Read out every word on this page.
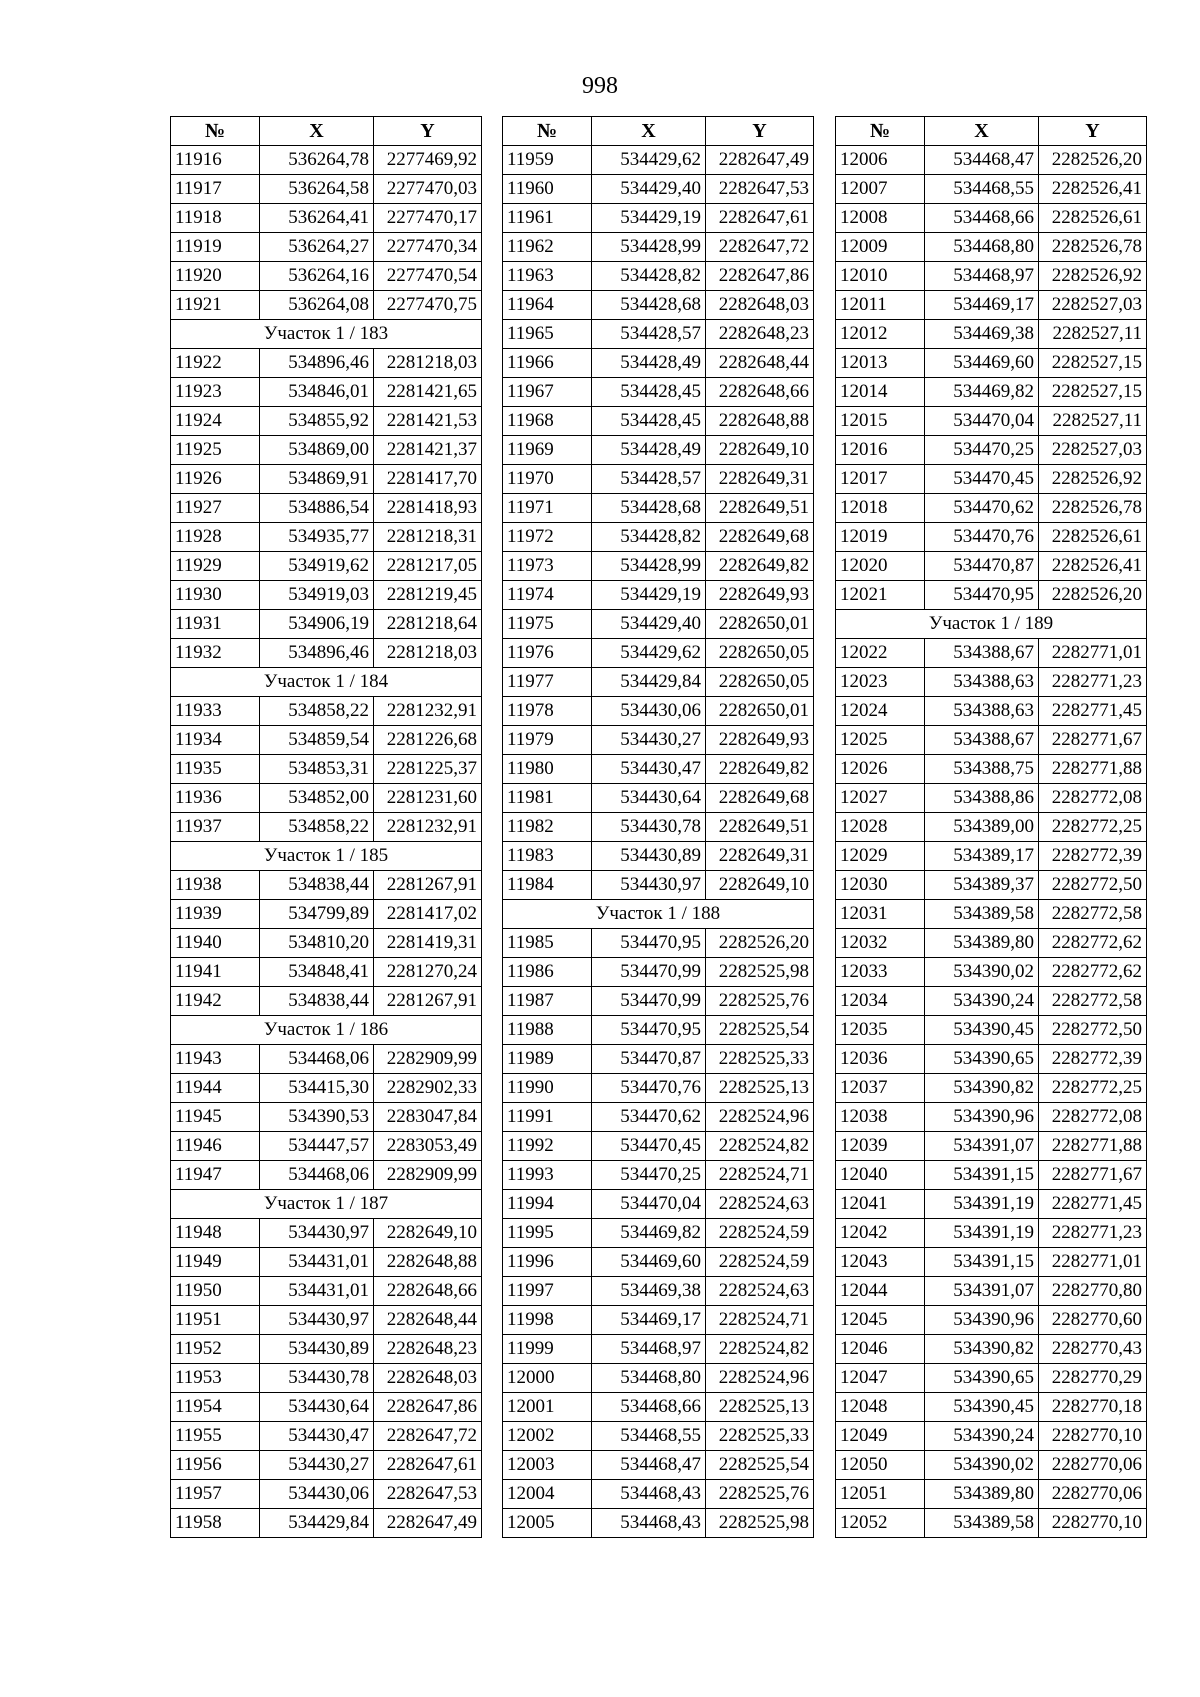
998
№	X	Y
11916	536264,78	2277469,92
11917	536264,58	2277470,03
11918	536264,41	2277470,17
11919	536264,27	2277470,34
11920	536264,16	2277470,54
11921	536264,08	2277470,75
Участок 1 / 183		
11922	534896,46	2281218,03
11923	534846,01	2281421,65
11924	534855,92	2281421,53
11925	534869,00	2281421,37
11926	534869,91	2281417,70
11927	534886,54	2281418,93
11928	534935,77	2281218,31
11929	534919,62	2281217,05
11930	534919,03	2281219,45
11931	534906,19	2281218,64
11932	534896,46	2281218,03
Участок 1 / 184		
11933	534858,22	2281232,91
11934	534859,54	2281226,68
11935	534853,31	2281225,37
11936	534852,00	2281231,60
11937	534858,22	2281232,91
Участок 1 / 185		
11938	534838,44	2281267,91
11939	534799,89	2281417,02
11940	534810,20	2281419,31
11941	534848,41	2281270,24
11942	534838,44	2281267,91
Участок 1 / 186		
11943	534468,06	2282909,99
11944	534415,30	2282902,33
11945	534390,53	2283047,84
11946	534447,57	2283053,49
11947	534468,06	2282909,99
Участок 1 / 187		
11948	534430,97	2282649,10
11949	534431,01	2282648,88
11950	534431,01	2282648,66
11951	534430,97	2282648,44
11952	534430,89	2282648,23
11953	534430,78	2282648,03
11954	534430,64	2282647,86
11955	534430,47	2282647,72
11956	534430,27	2282647,61
11957	534430,06	2282647,53
11958	534429,84	2282647,49
№	X	Y
11959	534429,62	2282647,49
11960	534429,40	2282647,53
11961	534429,19	2282647,61
11962	534428,99	2282647,72
11963	534428,82	2282647,86
11964	534428,68	2282648,03
11965	534428,57	2282648,23
11966	534428,49	2282648,44
11967	534428,45	2282648,66
11968	534428,45	2282648,88
11969	534428,49	2282649,10
11970	534428,57	2282649,31
11971	534428,68	2282649,51
11972	534428,82	2282649,68
11973	534428,99	2282649,82
11974	534429,19	2282649,93
11975	534429,40	2282650,01
11976	534429,62	2282650,05
11977	534429,84	2282650,05
11978	534430,06	2282650,01
11979	534430,27	2282649,93
11980	534430,47	2282649,82
11981	534430,64	2282649,68
11982	534430,78	2282649,51
11983	534430,89	2282649,31
11984	534430,97	2282649,10
Участок 1 / 188		
11985	534470,95	2282526,20
11986	534470,99	2282525,98
11987	534470,99	2282525,76
11988	534470,95	2282525,54
11989	534470,87	2282525,33
11990	534470,76	2282525,13
11991	534470,62	2282524,96
11992	534470,45	2282524,82
11993	534470,25	2282524,71
11994	534470,04	2282524,63
11995	534469,82	2282524,59
11996	534469,60	2282524,59
11997	534469,38	2282524,63
11998	534469,17	2282524,71
11999	534468,97	2282524,82
12000	534468,80	2282524,96
12001	534468,66	2282525,13
12002	534468,55	2282525,33
12003	534468,47	2282525,54
12004	534468,43	2282525,76
12005	534468,43	2282525,98
№	X	Y
12006	534468,47	2282526,20
12007	534468,55	2282526,41
12008	534468,66	2282526,61
12009	534468,80	2282526,78
12010	534468,97	2282526,92
12011	534469,17	2282527,03
12012	534469,38	2282527,11
12013	534469,60	2282527,15
12014	534469,82	2282527,15
12015	534470,04	2282527,11
12016	534470,25	2282527,03
12017	534470,45	2282526,92
12018	534470,62	2282526,78
12019	534470,76	2282526,61
12020	534470,87	2282526,41
12021	534470,95	2282526,20
Участок 1 / 189		
12022	534388,67	2282771,01
12023	534388,63	2282771,23
12024	534388,63	2282771,45
12025	534388,67	2282771,67
12026	534388,75	2282771,88
12027	534388,86	2282772,08
12028	534389,00	2282772,25
12029	534389,17	2282772,39
12030	534389,37	2282772,50
12031	534389,58	2282772,58
12032	534389,80	2282772,62
12033	534390,02	2282772,62
12034	534390,24	2282772,58
12035	534390,45	2282772,50
12036	534390,65	2282772,39
12037	534390,82	2282772,25
12038	534390,96	2282772,08
12039	534391,07	2282771,88
12040	534391,15	2282771,67
12041	534391,19	2282771,45
12042	534391,19	2282771,23
12043	534391,15	2282771,01
12044	534391,07	2282770,80
12045	534390,96	2282770,60
12046	534390,82	2282770,43
12047	534390,65	2282770,29
12048	534390,45	2282770,18
12049	534390,24	2282770,10
12050	534390,02	2282770,06
12051	534389,80	2282770,06
12052	534389,58	2282770,10
